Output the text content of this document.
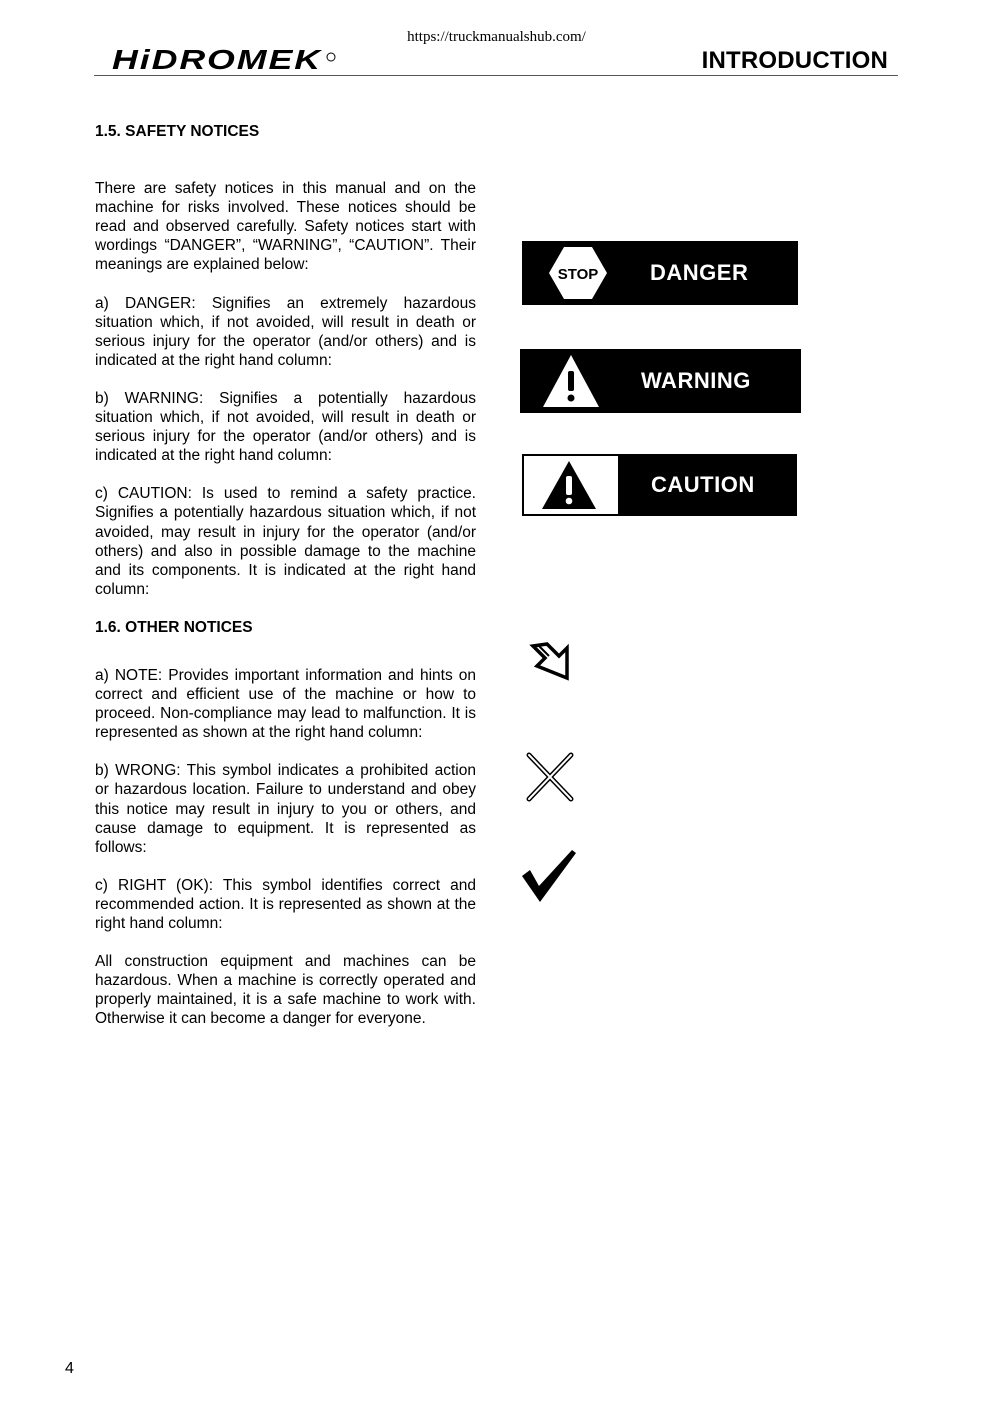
https://truckmanualshub.com/
HiDROMEK	INTRODUCTION

1.5. SAFETY NOTICES

There are safety notices in this manual and on the machine for risks involved. These notices should be read and observed carefully. Safety notices start with wordings “DANGER”, “WARNING”, “CAUTION”. Their meanings are explained below:

a) DANGER: Signifies an extremely hazardous situation which, if not avoided, will result in death or serious injury for the operator (and/or others) and is indicated at the right hand column:

b) WARNING: Signifies a potentially hazardous situation which, if not avoided, will result in death or serious injury for the operator (and/or others) and is indicated at the right hand column:

c) CAUTION: Is used to remind a safety practice. Signifies a potentially hazardous situation which, if not avoided, may result in injury for the operator (and/or others) and also in possible damage to the machine and its components. It is indicated at the right hand column:

1.6. OTHER NOTICES

a) NOTE: Provides important information and hints on correct and efficient use of the machine or how to proceed. Non-compliance may lead to malfunction. It is represented as shown at the right hand column:

b) WRONG: This symbol indicates a prohibited action or hazardous location. Failure to understand and obey this notice may result in injury to you or others, and cause damage to equipment. It is represented as follows:

c) RIGHT (OK): This symbol identifies correct and recommended action. It is represented as shown at the right hand column:

All construction equipment and machines can be hazardous. When a machine is correctly operated and properly maintained, it is a safe machine to work with. Otherwise it can become a danger for everyone.

STOP DANGER
WARNING
CAUTION
4
